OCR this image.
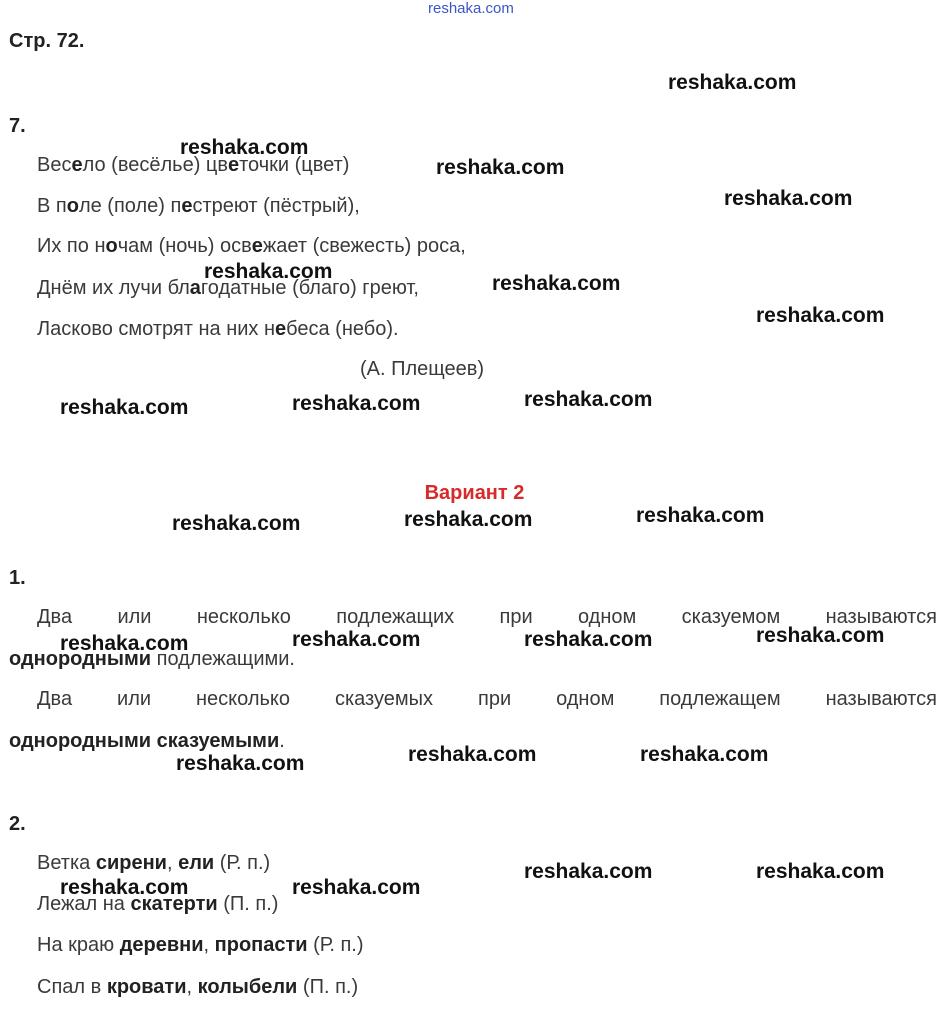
reshaka.com
Стр. 72.
7.
Весело (весёлье) цветочки (цвет)
В поле (поле) пестреют (пёстрый),
Их по ночам (ночь) освежает (свежесть) роса,
Днём их лучи благодатные (благо) греют,
Ласково смотрят на них небеса (небо).
(А. Плещеев)
Вариант 2
1.
Два или несколько подлежащих при одном сказуемом называются
однородными подлежащими.
Два или несколько сказуемых при одном подлежащем называются
однородными сказуемыми.
2.
Ветка сирени, ели (Р. п.)
Лежал на скатерти (П. п.)
На краю деревни, пропасти (Р. п.)
Спал в кровати, колыбели (П. п.)
reshaka.com
reshaka.com
reshaka.com
reshaka.com
reshaka.com
reshaka.com
reshaka.com
reshaka.com	reshaka.com	reshaka.com
reshaka.com	reshaka.com	reshaka.com
reshaka.com	reshaka.com	reshaka.com	reshaka.com
reshaka.com	reshaka.com	reshaka.com
reshaka.com	reshaka.com
reshaka.com	reshaka.com
